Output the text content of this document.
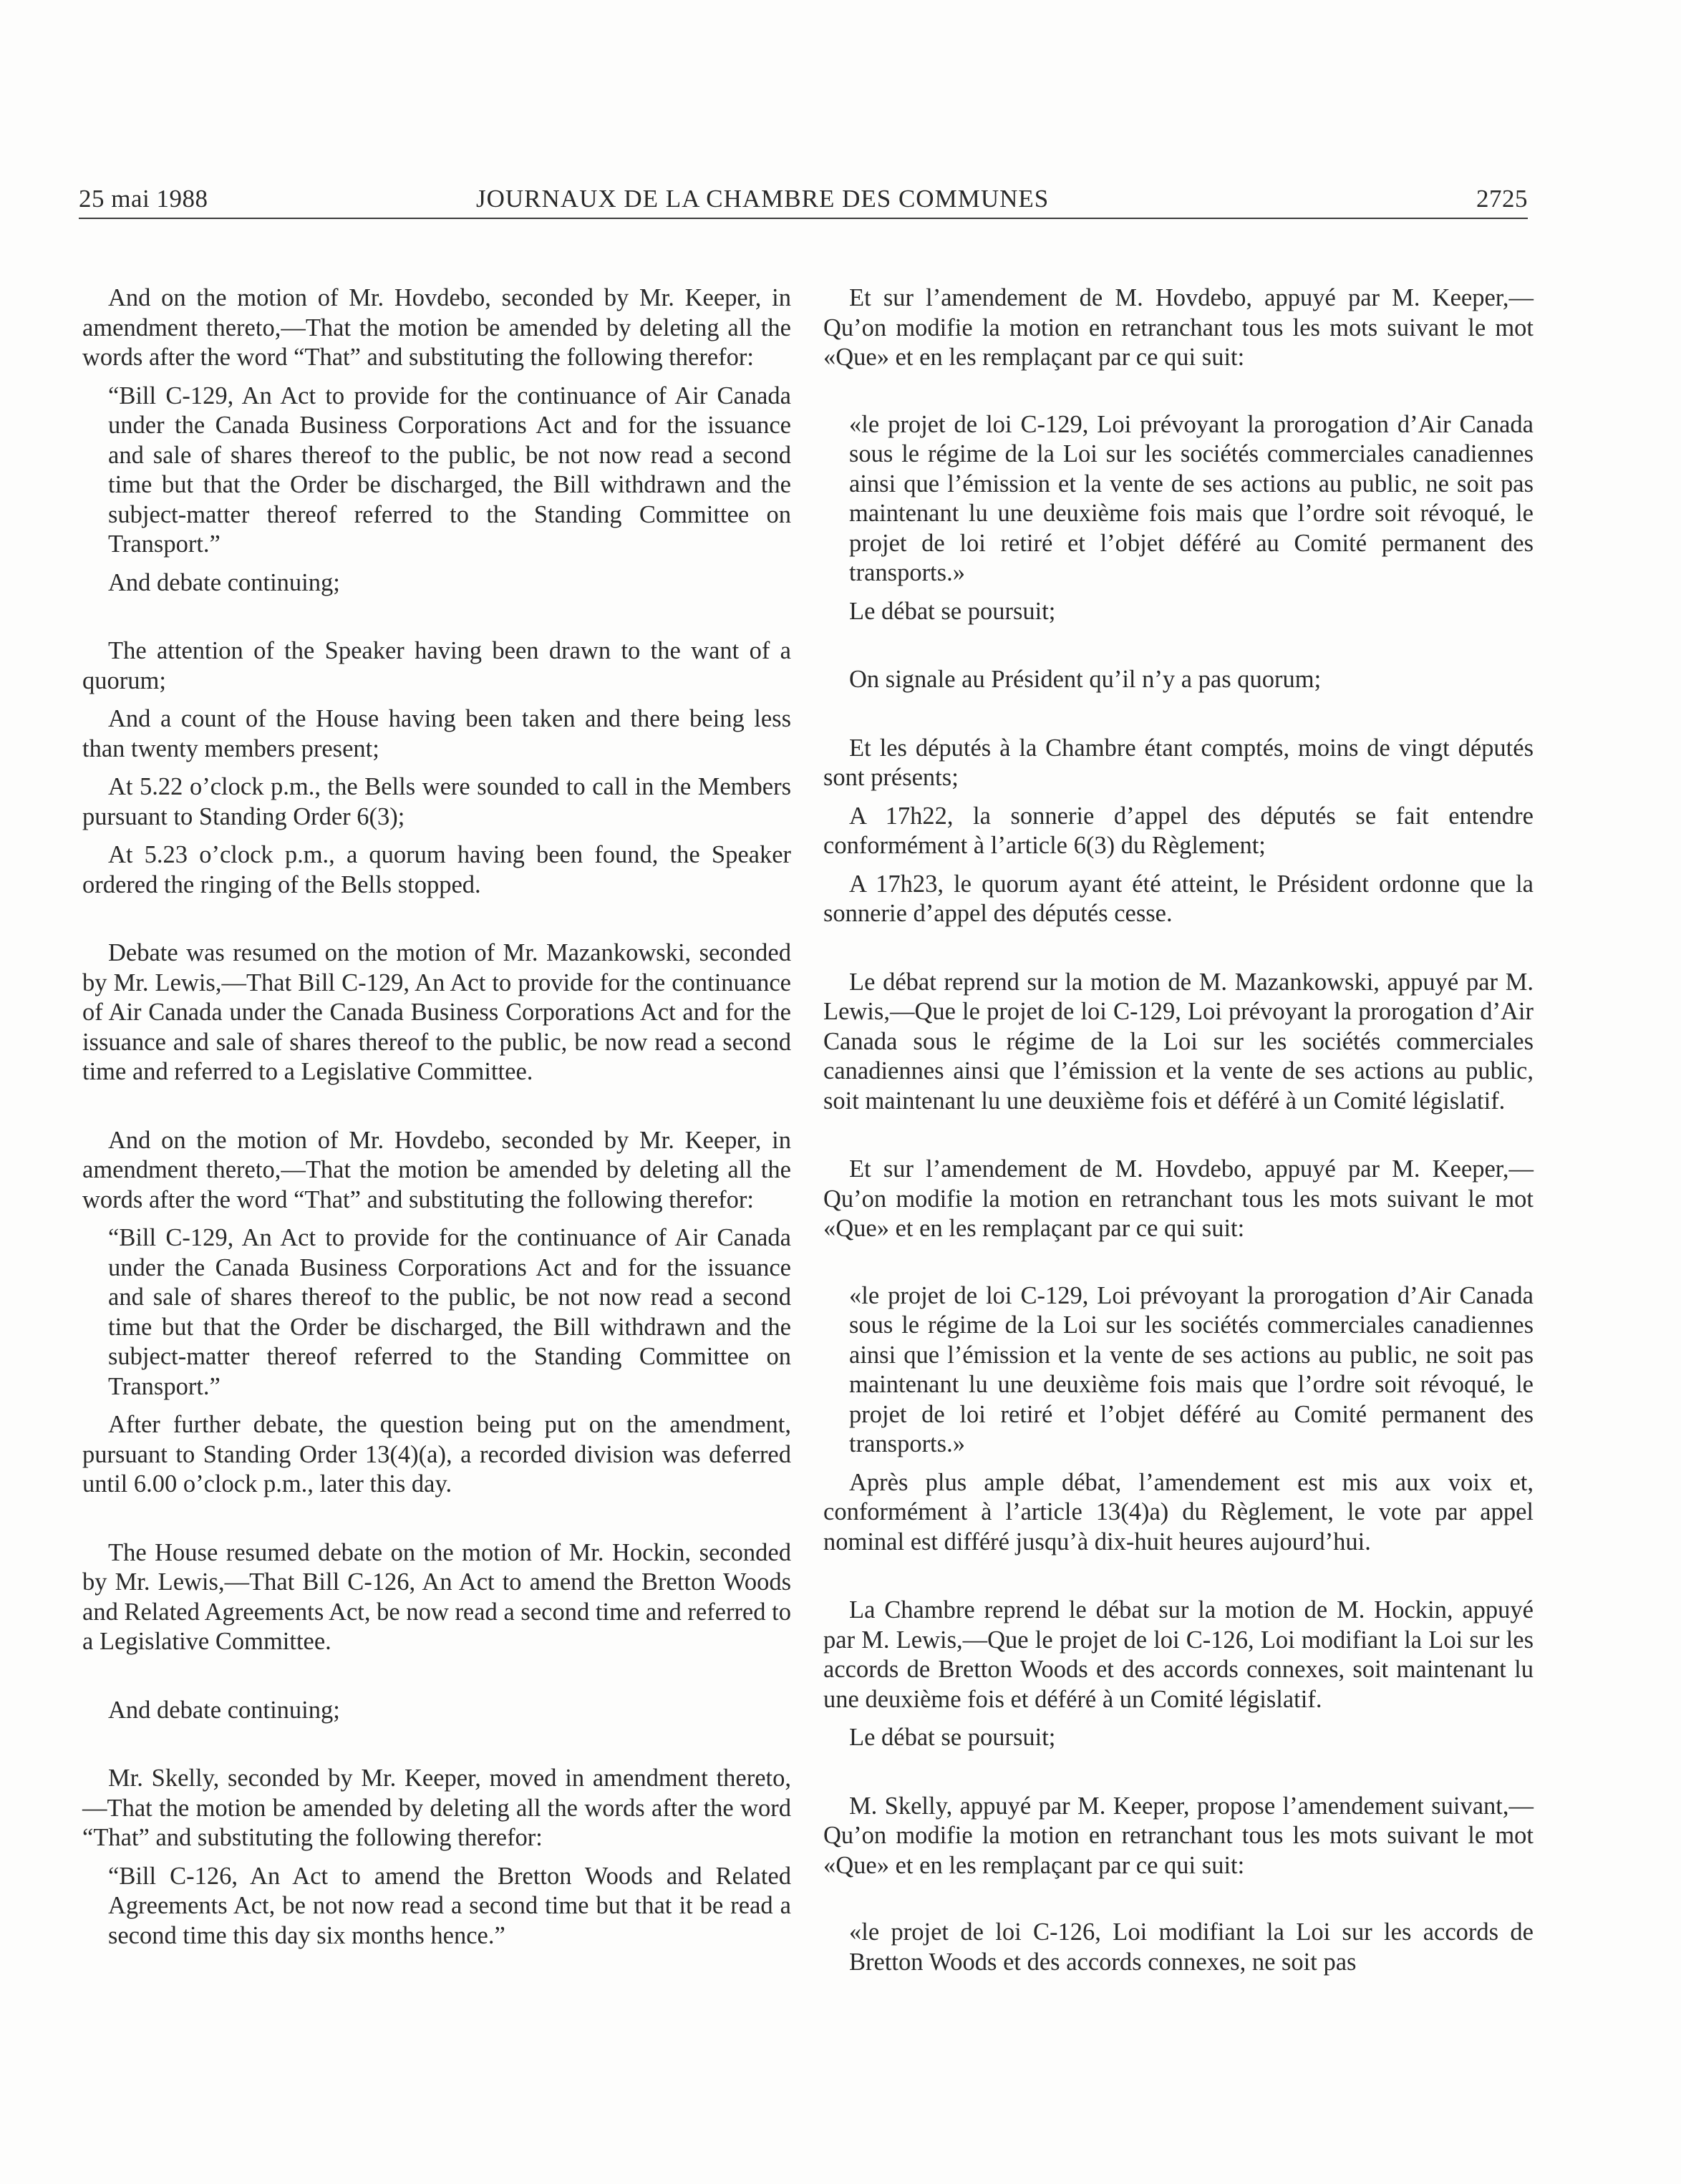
25 mai 1988	JOURNAUX DE LA CHAMBRE DES COMMUNES	2725

And on the motion of Mr. Hovdebo, seconded by Mr. Keeper, in amendment thereto,—That the motion be amended by deleting all the words after the word “That” and substituting the following therefor:

“Bill C-129, An Act to provide for the continuance of Air Canada under the Canada Business Corporations Act and for the issuance and sale of shares thereof to the public, be not now read a second time but that the Order be discharged, the Bill withdrawn and the subject-matter thereof referred to the Standing Committee on Transport.”

And debate continuing;

The attention of the Speaker having been drawn to the want of a quorum;

And a count of the House having been taken and there being less than twenty members present;

At 5.22 o’clock p.m., the Bells were sounded to call in the Members pursuant to Standing Order 6(3);

At 5.23 o’clock p.m., a quorum having been found, the Speaker ordered the ringing of the Bells stopped.

Debate was resumed on the motion of Mr. Mazankowski, seconded by Mr. Lewis,—That Bill C-129, An Act to provide for the continuance of Air Canada under the Canada Business Corporations Act and for the issuance and sale of shares thereof to the public, be now read a second time and referred to a Legislative Committee.

And on the motion of Mr. Hovdebo, seconded by Mr. Keeper, in amendment thereto,—That the motion be amended by deleting all the words after the word “That” and substituting the following therefor:

“Bill C-129, An Act to provide for the continuance of Air Canada under the Canada Business Corporations Act and for the issuance and sale of shares thereof to the public, be not now read a second time but that the Order be discharged, the Bill withdrawn and the subject-matter thereof referred to the Standing Committee on Transport.”

After further debate, the question being put on the amendment, pursuant to Standing Order 13(4)(a), a recorded division was deferred until 6.00 o’clock p.m., later this day.

The House resumed debate on the motion of Mr. Hockin, seconded by Mr. Lewis,—That Bill C-126, An Act to amend the Bretton Woods and Related Agreements Act, be now read a second time and referred to a Legislative Committee.

And debate continuing;

Mr. Skelly, seconded by Mr. Keeper, moved in amendment thereto,—That the motion be amended by deleting all the words after the word “That” and substituting the following therefor:

“Bill C-126, An Act to amend the Bretton Woods and Related Agreements Act, be not now read a second time but that it be read a second time this day six months hence.”

Et sur l’amendement de M. Hovdebo, appuyé par M. Keeper,—Qu’on modifie la motion en retranchant tous les mots suivant le mot «Que» et en les remplaçant par ce qui suit:

«le projet de loi C-129, Loi prévoyant la prorogation d’Air Canada sous le régime de la Loi sur les sociétés commerciales canadiennes ainsi que l’émission et la vente de ses actions au public, ne soit pas maintenant lu une deuxième fois mais que l’ordre soit révoqué, le projet de loi retiré et l’objet déféré au Comité permanent des transports.»

Le débat se poursuit;

On signale au Président qu’il n’y a pas quorum;

Et les députés à la Chambre étant comptés, moins de vingt députés sont présents;

A 17h22, la sonnerie d’appel des députés se fait entendre conformément à l’article 6(3) du Règlement;

A 17h23, le quorum ayant été atteint, le Président ordonne que la sonnerie d’appel des députés cesse.

Le débat reprend sur la motion de M. Mazankowski, appuyé par M. Lewis,—Que le projet de loi C-129, Loi prévoyant la prorogation d’Air Canada sous le régime de la Loi sur les sociétés commerciales canadiennes ainsi que l’émission et la vente de ses actions au public, soit maintenant lu une deuxième fois et déféré à un Comité législatif.

Et sur l’amendement de M. Hovdebo, appuyé par M. Keeper,—Qu’on modifie la motion en retranchant tous les mots suivant le mot «Que» et en les remplaçant par ce qui suit:

«le projet de loi C-129, Loi prévoyant la prorogation d’Air Canada sous le régime de la Loi sur les sociétés commerciales canadiennes ainsi que l’émission et la vente de ses actions au public, ne soit pas maintenant lu une deuxième fois mais que l’ordre soit révoqué, le projet de loi retiré et l’objet déféré au Comité permanent des transports.»

Après plus ample débat, l’amendement est mis aux voix et, conformément à l’article 13(4)a) du Règlement, le vote par appel nominal est différé jusqu’à dix-huit heures aujourd’hui.

La Chambre reprend le débat sur la motion de M. Hockin, appuyé par M. Lewis,—Que le projet de loi C-126, Loi modifiant la Loi sur les accords de Bretton Woods et des accords connexes, soit maintenant lu une deuxième fois et déféré à un Comité législatif.

Le débat se poursuit;

M. Skelly, appuyé par M. Keeper, propose l’amendement suivant,—Qu’on modifie la motion en retranchant tous les mots suivant le mot «Que» et en les remplaçant par ce qui suit:

«le projet de loi C-126, Loi modifiant la Loi sur les accords de Bretton Woods et des accords connexes, ne soit pas
